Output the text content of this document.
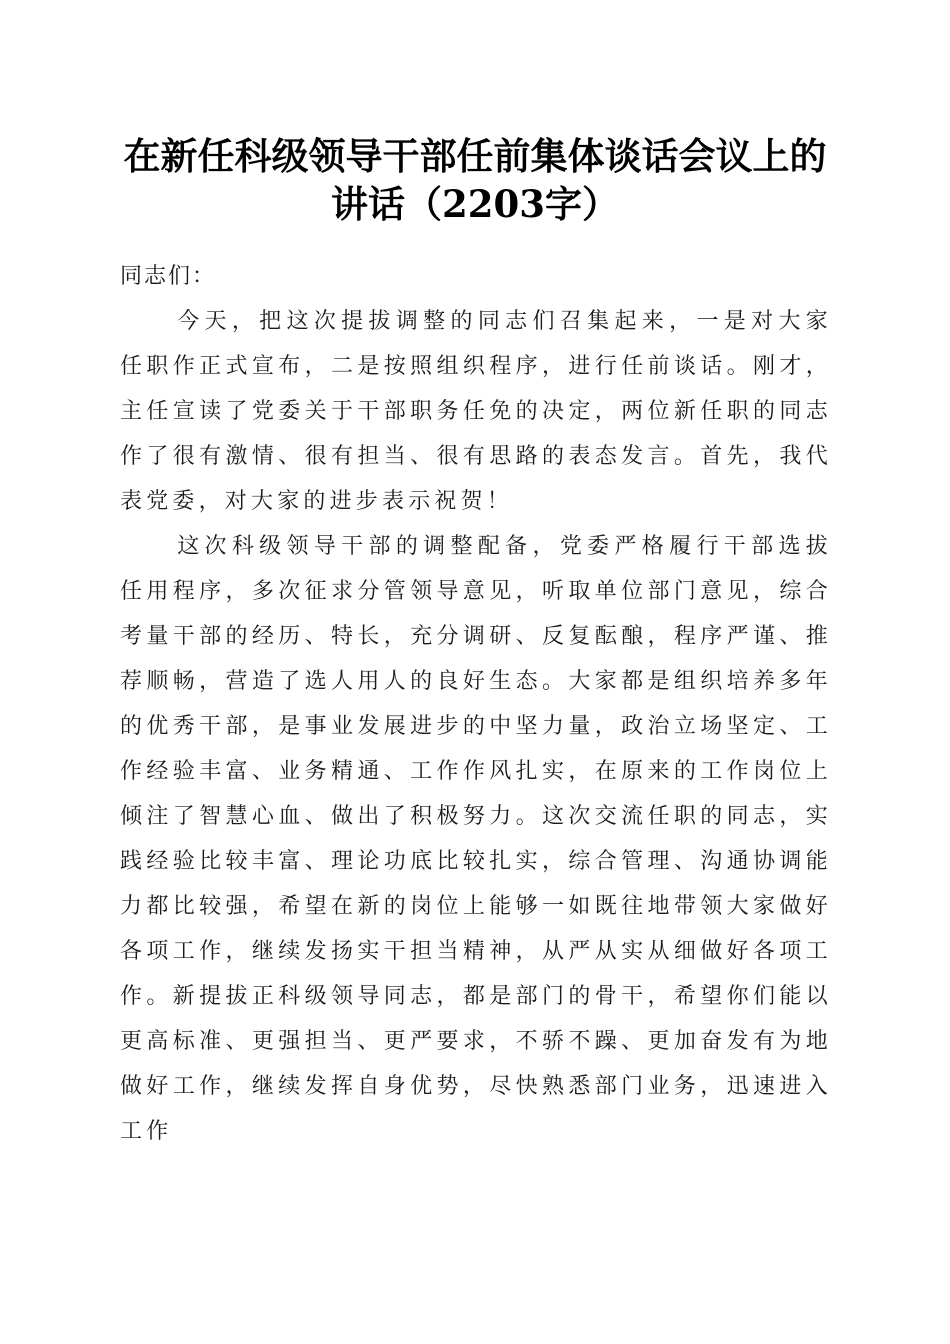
在新任科级领导干部任前集体谈话会议上的讲话（2203字）

同志们：

今天，把这次提拔调整的同志们召集起来，一是对大家任职作正式宣布，二是按照组织程序，进行任前谈话。刚才，主任宣读了党委关于干部职务任免的决定，两位新任职的同志作了很有激情、很有担当、很有思路的表态发言。首先，我代表党委，对大家的进步表示祝贺！

这次科级领导干部的调整配备，党委严格履行干部选拔任用程序，多次征求分管领导意见，听取单位部门意见，综合考量干部的经历、特长，充分调研、反复酝酿，程序严谨、推荐顺畅，营造了选人用人的良好生态。大家都是组织培养多年的优秀干部，是事业发展进步的中坚力量，政治立场坚定、工作经验丰富、业务精通、工作作风扎实，在原来的工作岗位上倾注了智慧心血、做出了积极努力。这次交流任职的同志，实践经验比较丰富、理论功底比较扎实，综合管理、沟通协调能力都比较强，希望在新的岗位上能够一如既往地带领大家做好各项工作，继续发扬实干担当精神，从严从实从细做好各项工作。新提拔正科级领导同志，都是部门的骨干，希望你们能以更高标准、更强担当、更严要求，不骄不躁、更加奋发有为地做好工作，继续发挥自身优势，尽快熟悉部门业务，迅速进入工作
